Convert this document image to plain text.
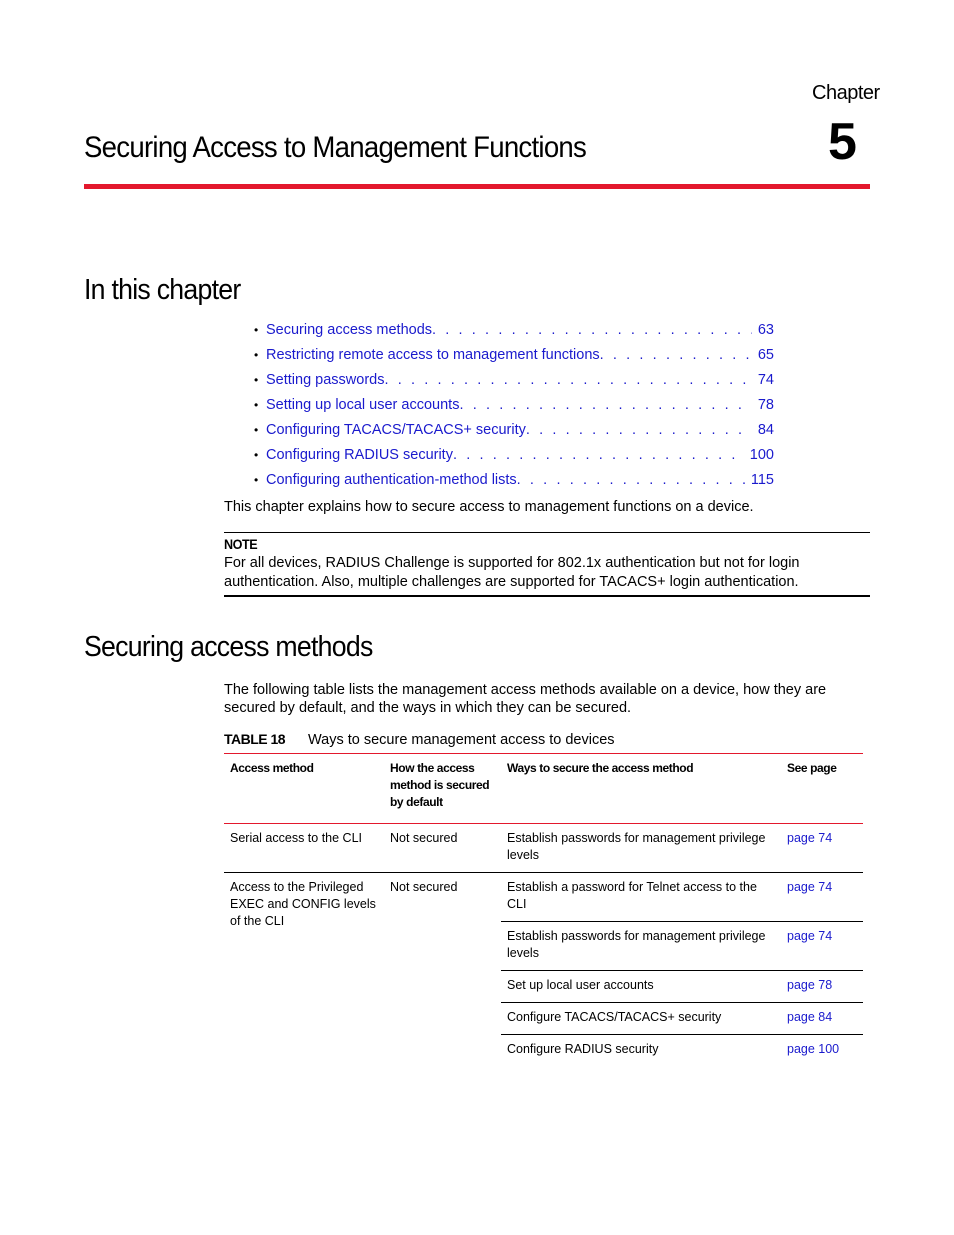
Chapter
5
Securing Access to Management Functions
In this chapter
• Securing access methods . . .	63
• Restricting remote access to management functions . . .	65
• Setting passwords . . .	74
• Setting up local user accounts . . .	78
• Configuring TACACS/TACACS+ security . . .	84
• Configuring RADIUS security . . .	100
• Configuring authentication-method lists . . .	115
This chapter explains how to secure access to management functions on a device.
NOTE
For all devices, RADIUS Challenge is supported for 802.1x authentication but not for login authentication. Also, multiple challenges are supported for TACACS+ login authentication.
Securing access methods
The following table lists the management access methods available on a device, how they are secured by default, and the ways in which they can be secured.
TABLE 18 Ways to secure management access to devices
Access method	How the access method is secured by default	Ways to secure the access method	See page
Serial access to the CLI	Not secured	Establish passwords for management privilege levels	page 74
Access to the Privileged EXEC and CONFIG levels of the CLI	Not secured	Establish a password for Telnet access to the CLI	page 74
		Establish passwords for management privilege levels	page 74
		Set up local user accounts	page 78
		Configure TACACS/TACACS+ security	page 84
		Configure RADIUS security	page 100
